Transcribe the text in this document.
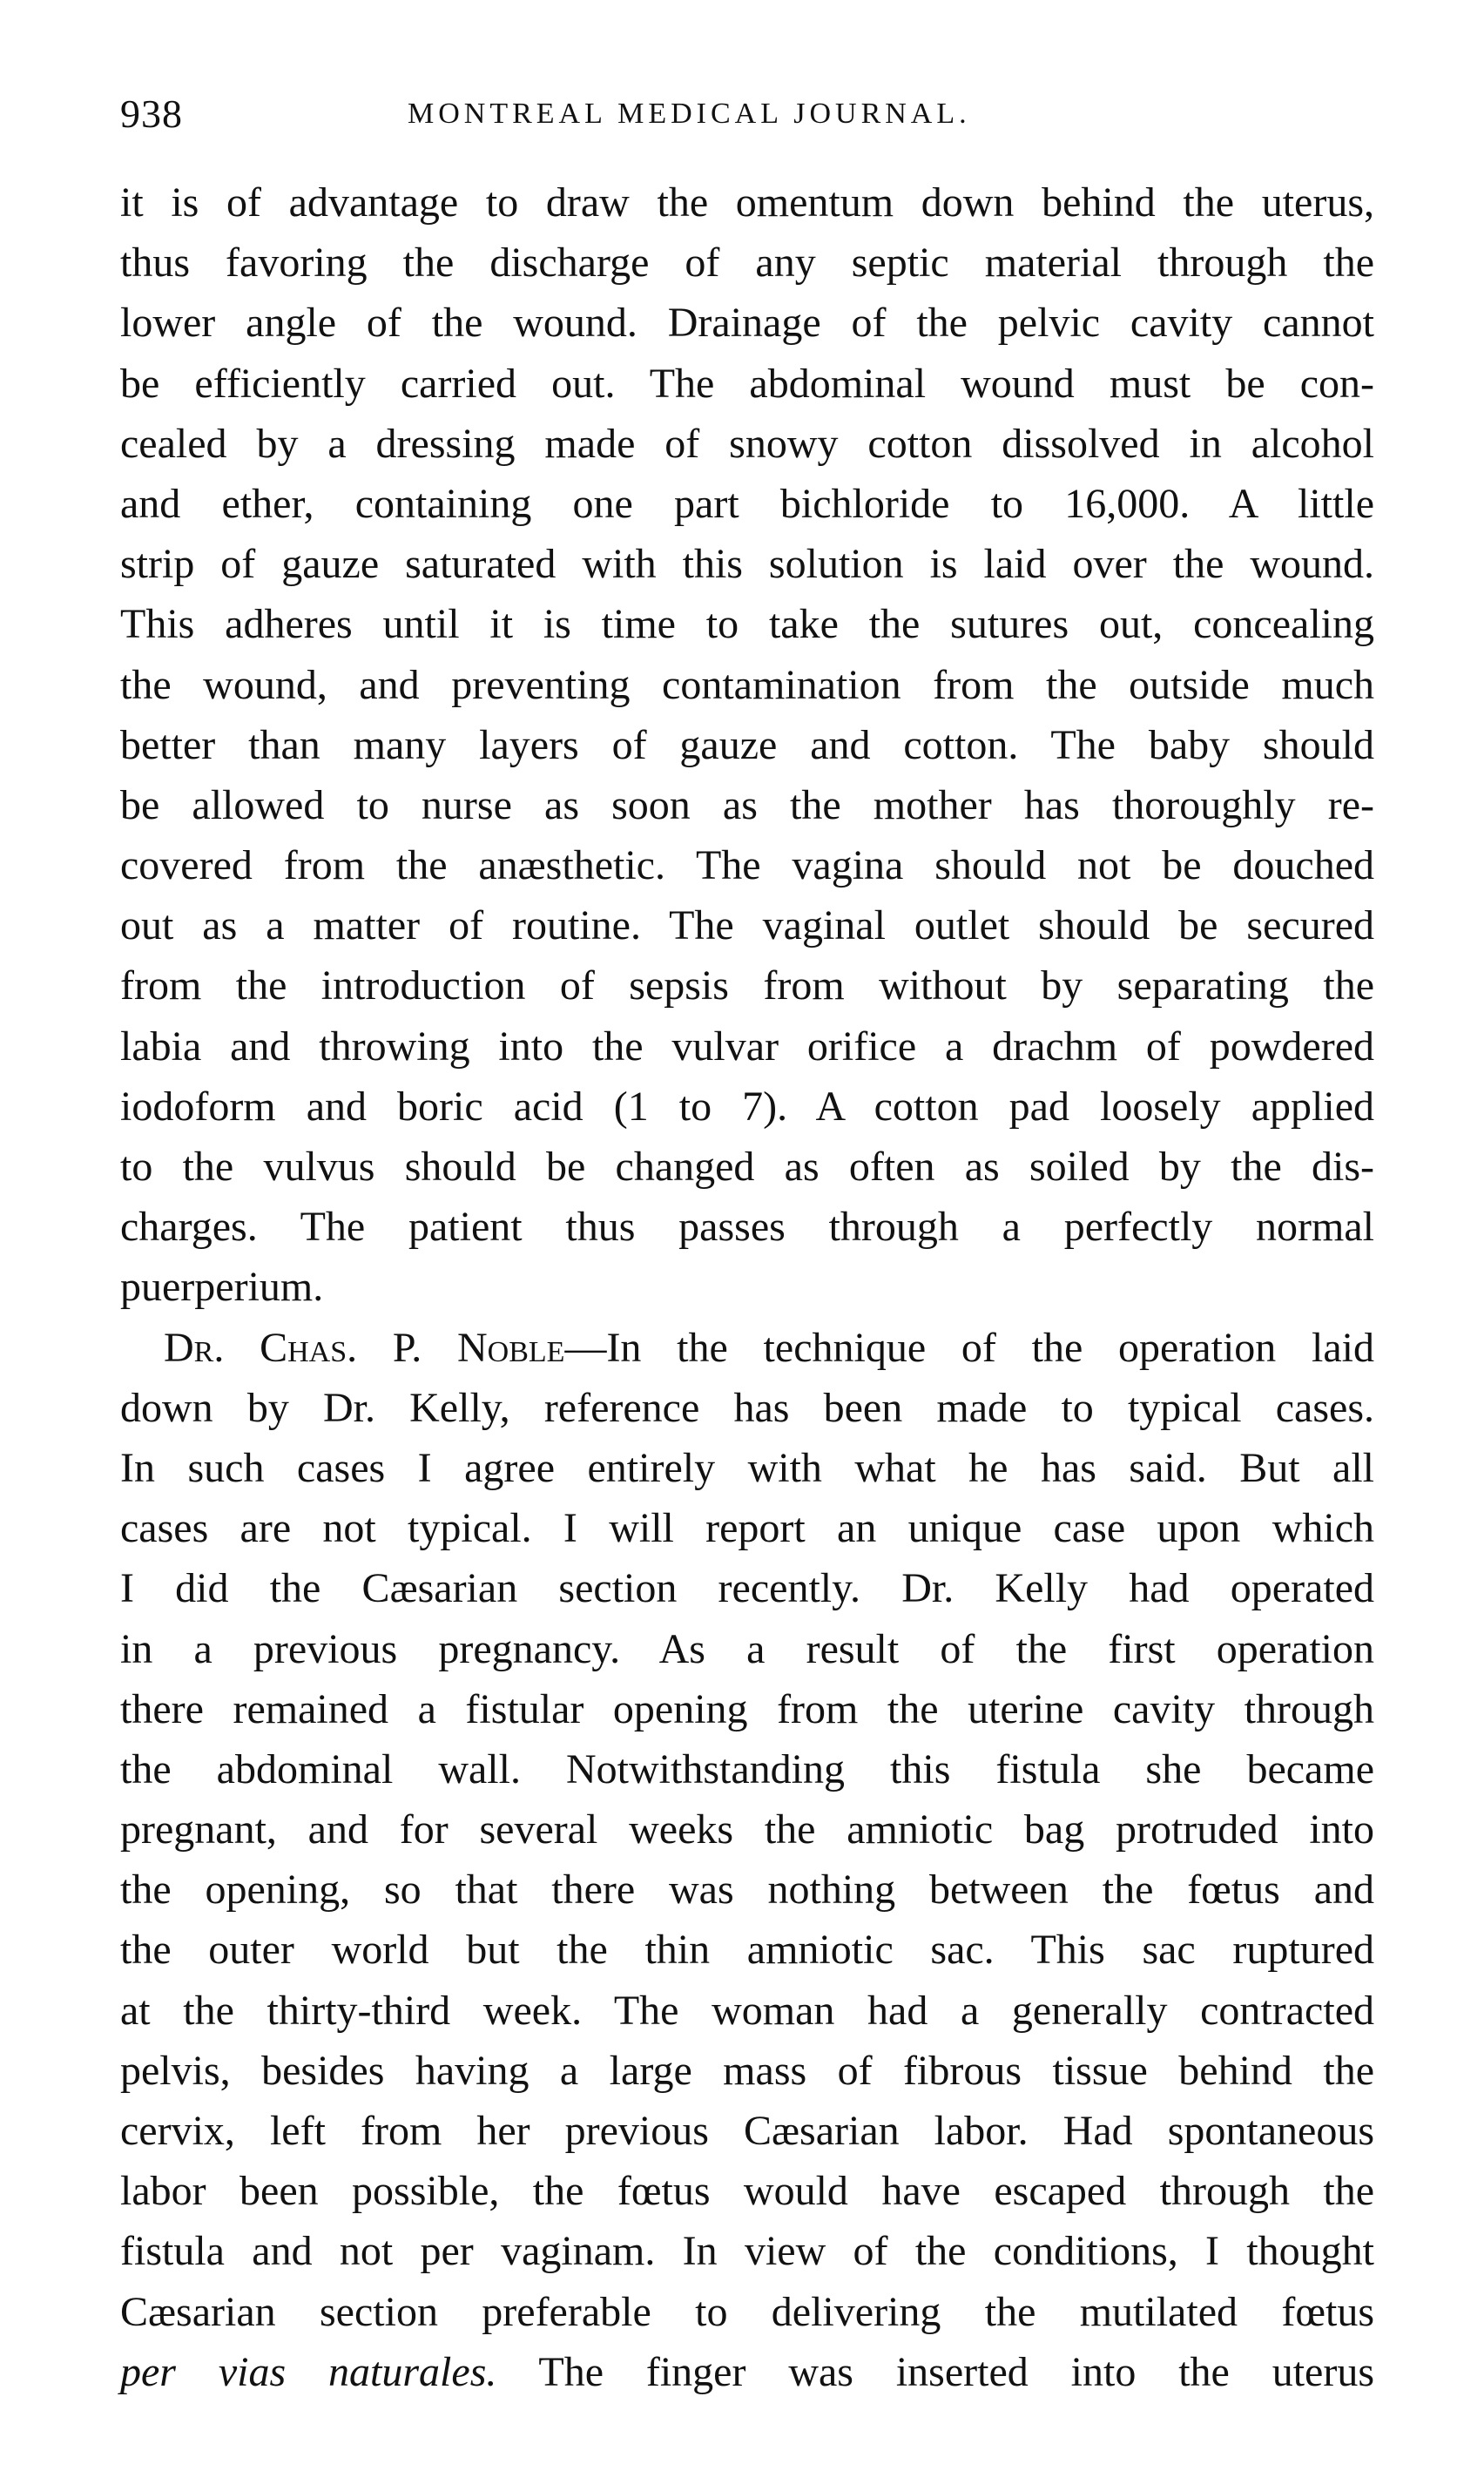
938	MONTREAL MEDICAL JOURNAL.
it is of advantage to draw the omentum down behind the uterus,
thus favoring the discharge of any septic material through the
lower angle of the wound. Drainage of the pelvic cavity cannot
be efficiently carried out. The abdominal wound must be con-
cealed by a dressing made of snowy cotton dissolved in alcohol
and ether, containing one part bichloride to 16,000. A little
strip of gauze saturated with this solution is laid over the wound.
This adheres until it is time to take the sutures out, concealing
the wound, and preventing contamination from the outside much
better than many layers of gauze and cotton. The baby should
be allowed to nurse as soon as the mother has thoroughly re-
covered from the anæsthetic. The vagina should not be douched
out as a matter of routine. The vaginal outlet should be secured
from the introduction of sepsis from without by separating the
labia and throwing into the vulvar orifice a drachm of powdered
iodoform and boric acid (1 to 7). A cotton pad loosely applied
to the vulvus should be changed as often as soiled by the dis-
charges. The patient thus passes through a perfectly normal
puerperium.
Dr. Chas. P. Noble—In the technique of the operation laid
down by Dr. Kelly, reference has been made to typical cases.
In such cases I agree entirely with what he has said. But all
cases are not typical. I will report an unique case upon which
I did the Cæsarian section recently. Dr. Kelly had operated
in a previous pregnancy. As a result of the first operation
there remained a fistular opening from the uterine cavity through
the abdominal wall. Notwithstanding this fistula she became
pregnant, and for several weeks the amniotic bag protruded into
the opening, so that there was nothing between the fœtus and
the outer world but the thin amniotic sac. This sac ruptured
at the thirty-third week. The woman had a generally contracted
pelvis, besides having a large mass of fibrous tissue behind the
cervix, left from her previous Cæsarian labor. Had spontaneous
labor been possible, the fœtus would have escaped through the
fistula and not per vaginam. In view of the conditions, I thought
Cæsarian section preferable to delivering the mutilated fœtus
per vias naturales. The finger was inserted into the uterus
